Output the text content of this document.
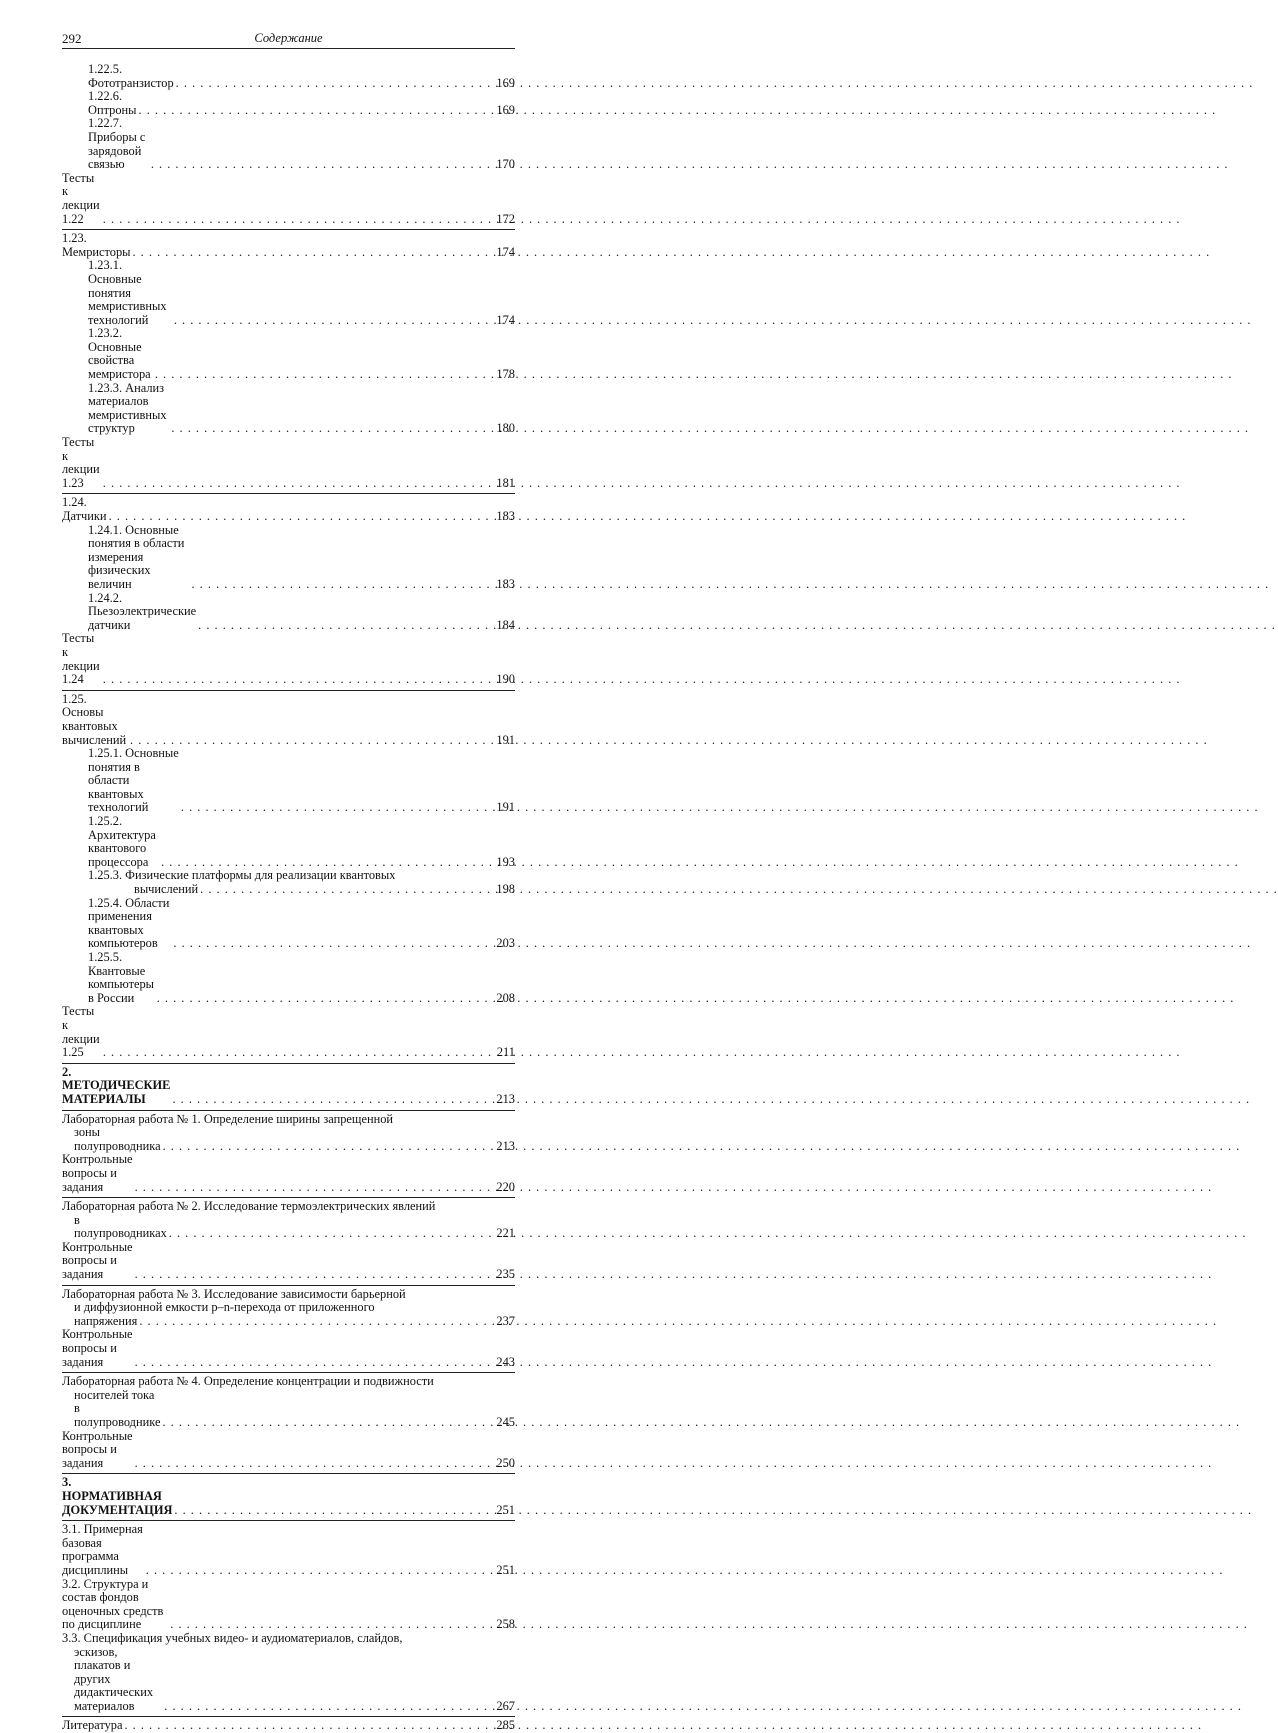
292	Содержание
1.22.5. Фототранзистор . . .	169
1.22.6. Оптроны . . .	169
1.22.7. Приборы с зарядовой связью . . .	170
Тесты к лекции 1.22 . . .	172
1.23. Мемристоры . . .	174
1.23.1. Основные понятия мемристивных технологий . . .	174
1.23.2. Основные свойства мемристора . . .	178
1.23.3. Анализ материалов мемристивных структур . . .	180
Тесты к лекции 1.23 . . .	181
1.24. Датчики . . .	183
1.24.1. Основные понятия в области измерения физических величин . . .	183
1.24.2. Пьезоэлектрические датчики . . .	184
Тесты к лекции 1.24 . . .	190
1.25. Основы квантовых вычислений . . .	191
1.25.1. Основные понятия в области квантовых технологий . . .	191
1.25.2. Архитектура квантового процессора . . .	193
1.25.3. Физические платформы для реализации квантовых
вычислений . . .	198
1.25.4. Области применения квантовых компьютеров . . .	203
1.25.5. Квантовые компьютеры в России . . .	208
Тесты к лекции 1.25 . . .	211
2. МЕТОДИЧЕСКИЕ МАТЕРИАЛЫ . . .	213
Лабораторная работа № 1. Определение ширины запрещенной
зоны полупроводника . . .	213
Контрольные вопросы и задания . . .	220
Лабораторная работа № 2. Исследование термоэлектрических явлений
в полупроводниках . . .	221
Контрольные вопросы и задания . . .	235
Лабораторная работа № 3. Исследование зависимости барьерной
и диффузионной емкости p–n-перехода от приложенного
напряжения . . .	237
Контрольные вопросы и задания . . .	243
Лабораторная работа № 4. Определение концентрации и подвижности
носителей тока в полупроводнике . . .	245
Контрольные вопросы и задания . . .	250
3. НОРМАТИВНАЯ ДОКУМЕНТАЦИЯ . . .	251
3.1. Примерная базовая программа дисциплины . . .	251
3.2. Структура и состав фондов оценочных средств по дисциплине . . .	258
3.3. Спецификация учебных видео- и аудиоматериалов, слайдов,
эскизов, плакатов и других дидактических материалов . . .	267
Литература . . .	285
